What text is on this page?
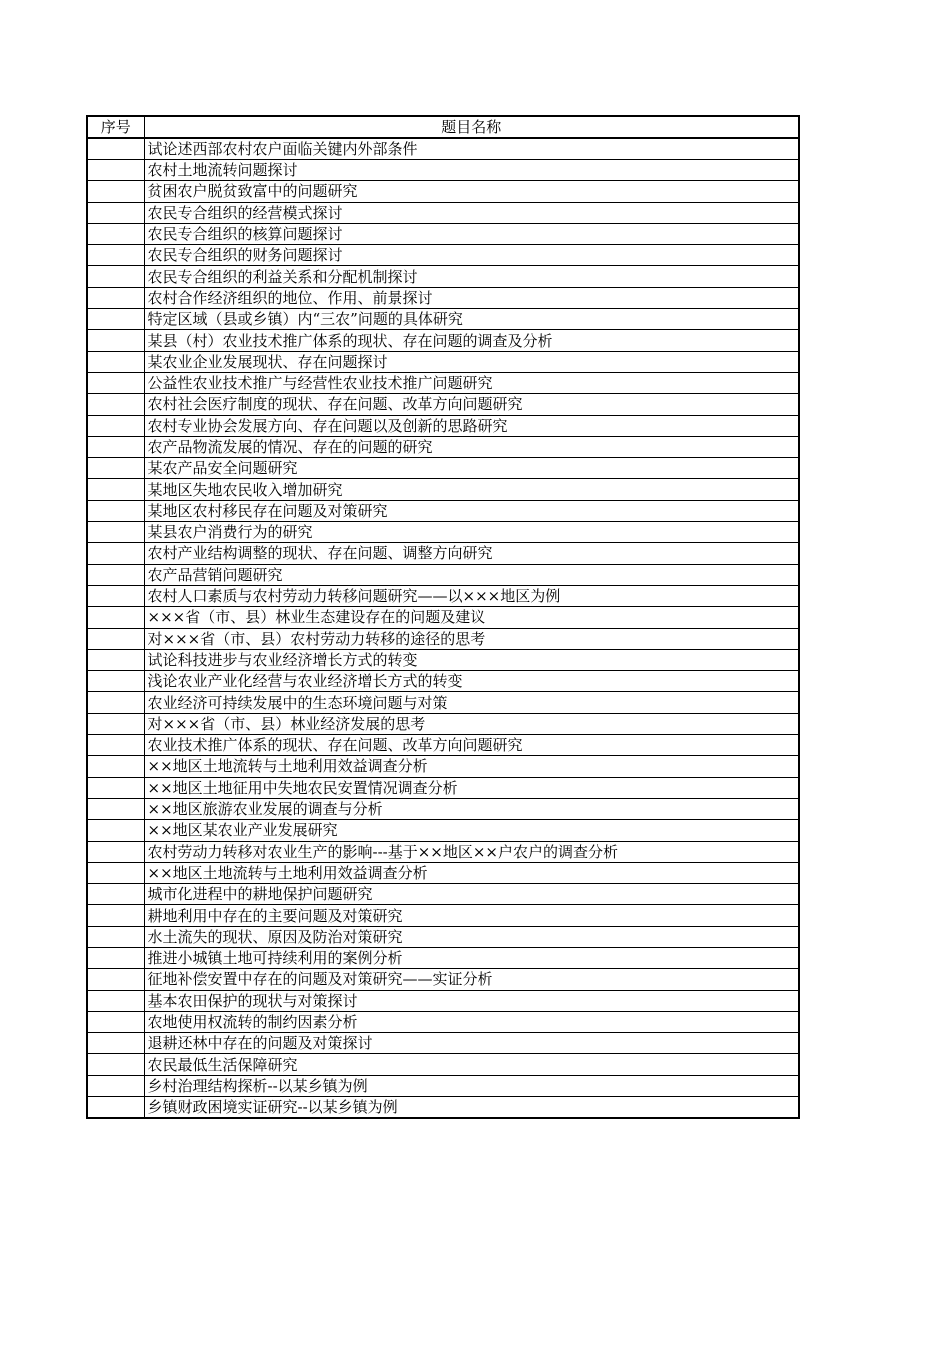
序号	题目名称
	试论述西部农村农户面临关键内外部条件
	农村土地流转问题探讨
	贫困农户脱贫致富中的问题研究
	农民专合组织的经营模式探讨
	农民专合组织的核算问题探讨
	农民专合组织的财务问题探讨
	农民专合组织的利益关系和分配机制探讨
	农村合作经济组织的地位、作用、前景探讨
	特定区域（县或乡镇）内“三农”问题的具体研究
	某县（村）农业技术推广体系的现状、存在问题的调查及分析
	某农业企业发展现状、存在问题探讨
	公益性农业技术推广与经营性农业技术推广问题研究
	农村社会医疗制度的现状、存在问题、改革方向问题研究
	农村专业协会发展方向、存在问题以及创新的思路研究
	农产品物流发展的情况、存在的问题的研究
	某农产品安全问题研究
	某地区失地农民收入增加研究
	某地区农村移民存在问题及对策研究
	某县农户消费行为的研究
	农村产业结构调整的现状、存在问题、调整方向研究
	农产品营销问题研究
	农村人口素质与农村劳动力转移问题研究——以×××地区为例
	×××省（市、县）林业生态建设存在的问题及建议
	对×××省（市、县）农村劳动力转移的途径的思考
	试论科技进步与农业经济增长方式的转变
	浅论农业产业化经营与农业经济增长方式的转变
	农业经济可持续发展中的生态环境问题与对策
	对×××省（市、县）林业经济发展的思考
	农业技术推广体系的现状、存在问题、改革方向问题研究
	××地区土地流转与土地利用效益调查分析
	××地区土地征用中失地农民安置情况调查分析
	××地区旅游农业发展的调查与分析
	××地区某农业产业发展研究
	农村劳动力转移对农业生产的影响---基于××地区××户农户的调查分析
	××地区土地流转与土地利用效益调查分析
	城市化进程中的耕地保护问题研究
	耕地利用中存在的主要问题及对策研究
	水土流失的现状、原因及防治对策研究
	推进小城镇土地可持续利用的案例分析
	征地补偿安置中存在的问题及对策研究——实证分析
	基本农田保护的现状与对策探讨
	农地使用权流转的制约因素分析
	退耕还林中存在的问题及对策探讨
	农民最低生活保障研究
	乡村治理结构探析--以某乡镇为例
	乡镇财政困境实证研究--以某乡镇为例
